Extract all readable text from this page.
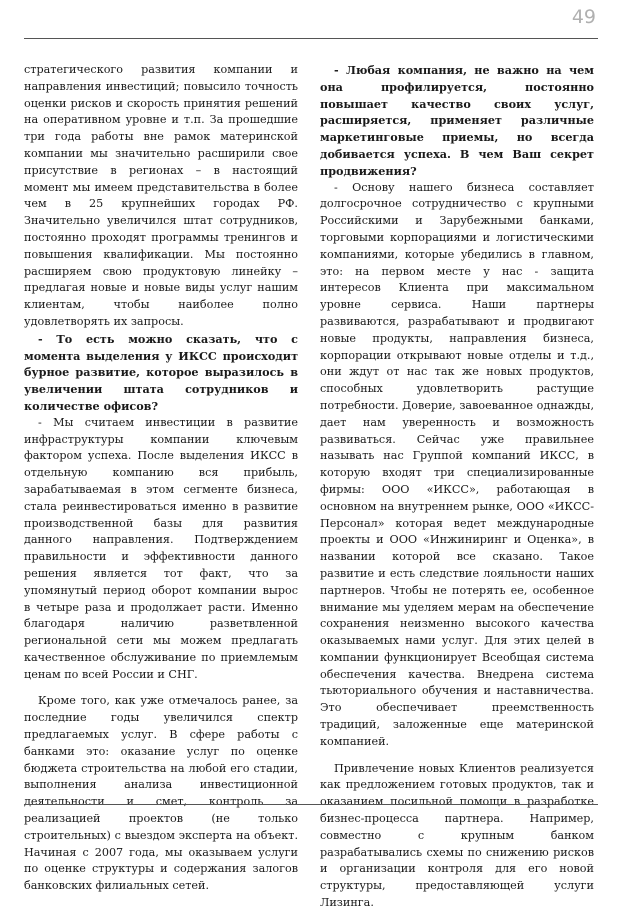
49

стратегического развития компании и направления инвестиций; повысило точность оценки рисков и скорость принятия решений на оперативном уровне и т.п. За прошедшие три года работы вне рамок материнской компании мы значительно расширили свое присутствие в регионах – в настоящий момент мы имеем представительства в более чем в 25 крупнейших городах РФ. Значительно увеличился штат сотрудников, постоянно проходят программы тренингов и повышения квалификации. Мы постоянно расширяем свою продуктовую линейку – предлагая новые и новые виды услуг нашим клиентам, чтобы наиболее полно удовлетворять их запросы.

- То есть можно сказать, что с момента выделения у ИКСС происходит бурное развитие, которое выразилось в увеличении штата сотрудников и количестве офисов?

- Мы считаем инвестиции в развитие инфраструктуры компании ключевым фактором успеха. После выделения ИКСС в отдельную компанию вся прибыль, зарабатываемая в этом сегменте бизнеса, стала реинвестироваться именно в развитие производственной базы для развития данного направления. Подтверждением правильности и эффективности данного решения является тот факт, что за упомянутый период оборот компании вырос в четыре раза и продолжает расти. Именно благодаря наличию разветвленной региональной сети мы можем предлагать качественное обслуживание по приемлемым ценам по всей России и СНГ.

Кроме того, как уже отмечалось ранее, за последние годы увеличился спектр предлагаемых услуг. В сфере работы с банками это: оказание услуг по оценке бюджета строительства на любой его стадии, выполнения анализа инвестиционной деятельности и смет, контроль за реализацией проектов (не только строительных) с выездом эксперта на объект. Начиная с 2007 года, мы оказываем услуги по оценке структуры и содержания залогов банковских филиальных сетей.

- Любая компания, не важно на чем она профилируется, постоянно повышает качество своих услуг, расширяется, применяет различные маркетинговые приемы, но всегда добивается успеха. В чем Ваш секрет продвижения?

- Основу нашего бизнеса составляет долгосрочное сотрудничество с крупными Российскими и Зарубежными банками, торговыми корпорациями и логистическими компаниями, которые убедились в главном, это: на первом месте у нас - защита интересов Клиента при максимальном уровне сервиса. Наши партнеры развиваются, разрабатывают и продвигают новые продукты, направления бизнеса, корпорации открывают новые отделы и т.д., они ждут от нас так же новых продуктов, способных удовлетворить растущие потребности. Доверие, завоеванное однажды, дает нам уверенность и возможность развиваться. Сейчас уже правильнее называть нас Группой компаний ИКСС, в которую входят три специализированные фирмы: ООО «ИКСС», работающая в основном на внутреннем рынке, ООО «ИКСС-Персонал» которая ведет международные проекты и ООО «Инжиниринг и Оценка», в названии которой все сказано. Такое развитие и есть следствие лояльности наших партнеров. Чтобы не потерять ее, особенное внимание мы уделяем мерам на обеспечение сохранения неизменно высокого качества оказываемых нами услуг. Для этих целей в компании функционирует Всеобщая система обеспечения качества. Внедрена система тьюториального обучения и наставничества. Это обеспечивает преемственность традиций, заложенные еще материнской компанией.

Привлечение новых Клиентов реализуется как предложением готовых продуктов, так и оказанием посильной помощи в разработке бизнес-процесса партнера. Например, совместно с крупным банком разрабатывались схемы по снижению рисков и организации контроля для его новой структуры, предоставляющей услуги Лизинга.
